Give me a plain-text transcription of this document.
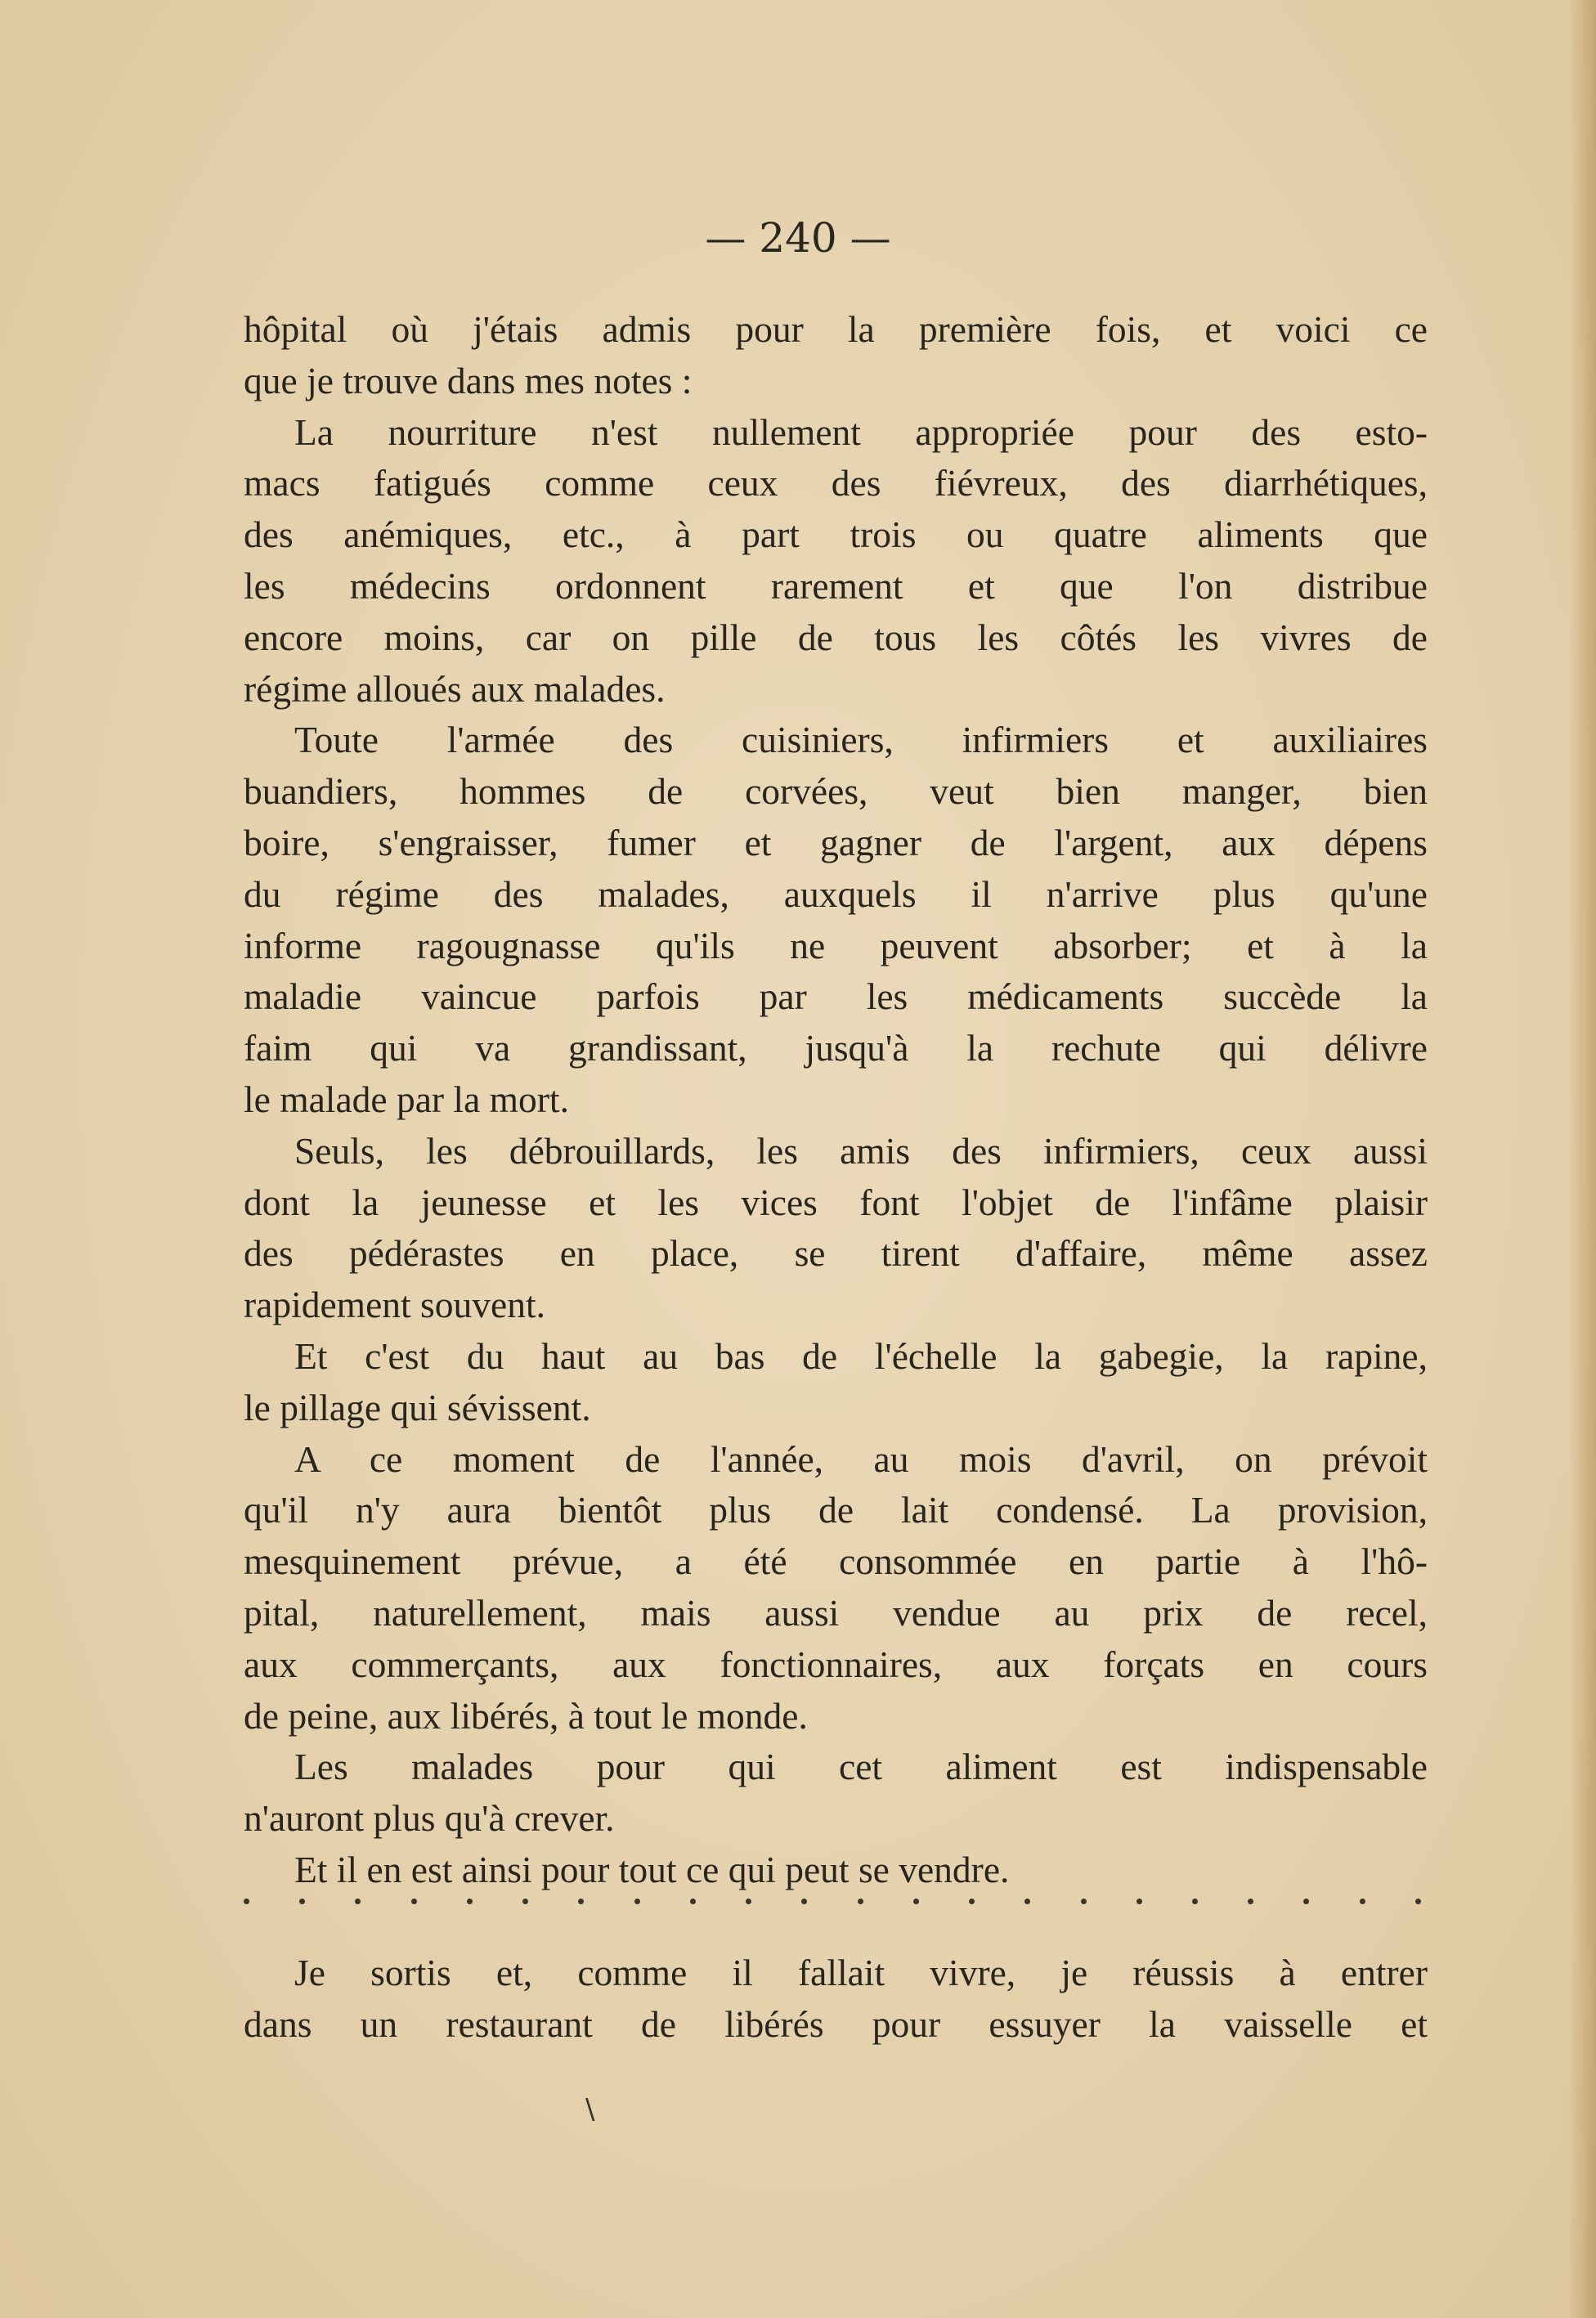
— 240 —
hôpital où j'étais admis pour la première fois, et voici ce
que je trouve dans mes notes :
La nourriture n'est nullement appropriée pour des esto-
macs fatigués comme ceux des fiévreux, des diarrhétiques,
des anémiques, etc., à part trois ou quatre aliments que
les médecins ordonnent rarement et que l'on distribue
encore moins, car on pille de tous les côtés les vivres de
régime alloués aux malades.
Toute l'armée des cuisiniers, infirmiers et auxiliaires
buandiers, hommes de corvées, veut bien manger, bien
boire, s'engraisser, fumer et gagner de l'argent, aux dépens
du régime des malades, auxquels il n'arrive plus qu'une
informe ragougnasse qu'ils ne peuvent absorber; et à la
maladie vaincue parfois par les médicaments succède la
faim qui va grandissant, jusqu'à la rechute qui délivre
le malade par la mort.
Seuls, les débrouillards, les amis des infirmiers, ceux aussi
dont la jeunesse et les vices font l'objet de l'infâme plaisir
des pédérastes en place, se tirent d'affaire, même assez
rapidement souvent.
Et c'est du haut au bas de l'échelle la gabegie, la rapine,
le pillage qui sévissent.
A ce moment de l'année, au mois d'avril, on prévoit
qu'il n'y aura bientôt plus de lait condensé. La provision,
mesquinement prévue, a été consommée en partie à l'hô-
pital, naturellement, mais aussi vendue au prix de recel,
aux commerçants, aux fonctionnaires, aux forçats en cours
de peine, aux libérés, à tout le monde.
Les malades pour qui cet aliment est indispensable
n'auront plus qu'à crever.
Et il en est ainsi pour tout ce qui peut se vendre.
Je sortis et, comme il fallait vivre, je réussis à entrer
dans un restaurant de libérés pour essuyer la vaisselle et
\
